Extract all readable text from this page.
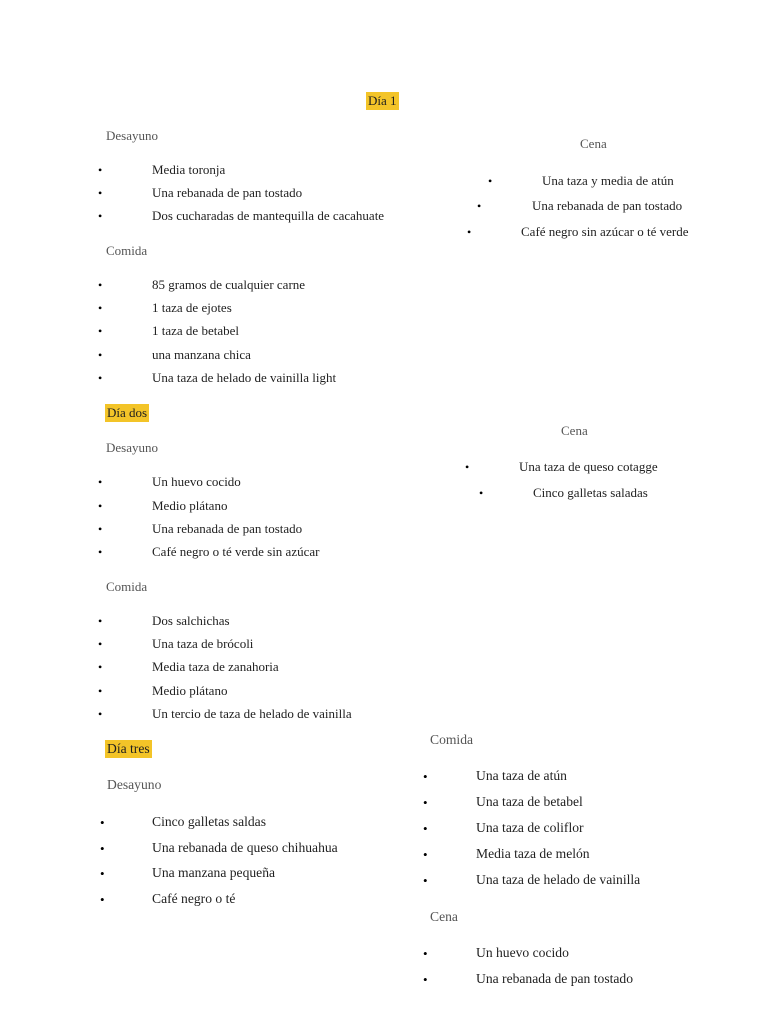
Día 1
Desayuno
•	Media toronja
•	Una rebanada de pan tostado
•	Dos cucharadas de mantequilla de cacahuate
Comida
•	85 gramos de cualquier carne
•	1 taza de ejotes
•	1 taza de betabel
•	una manzana chica
•	Una taza de helado de vainilla light
Cena
•	Una taza y media de atún
•	Una rebanada de pan tostado
•	Café negro sin azúcar o té verde
Día dos
Desayuno
•	Un huevo cocido
•	Medio plátano
•	Una rebanada de pan tostado
•	Café negro o té verde sin azúcar
Comida
•	Dos salchichas
•	Una taza de brócoli
•	Media taza de zanahoria
•	Medio plátano
•	Un tercio de taza de helado de vainilla
Cena
•	Una taza de queso cotagge
•	Cinco galletas saladas
Día tres
Desayuno
•	Cinco galletas saldas
•	Una rebanada de queso chihuahua
•	Una manzana pequeña
•	Café negro o té
Comida
•	Una taza de atún
•	Una taza de betabel
•	Una taza de coliflor
•	Media taza de melón
•	Una taza de helado de vainilla
Cena
•	Un huevo cocido
•	Una rebanada de pan tostado
